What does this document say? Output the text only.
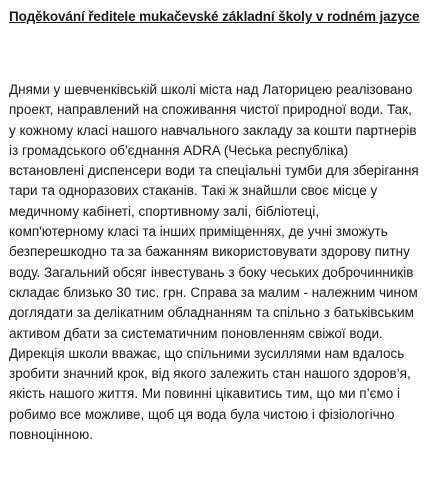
Подěkování ředitele mukačevské základní školy v rodném jazyce

Днями у шевченківській школі міста над Латорицею реалізовано
проект, направлений на споживання чистої природної води. Так,
у кожному класі нашого навчального закладу за кошти партнерів
із громадського об'єднання ADRA (Чеська республіка)
встановлені диспенсери води та спеціальні тумби для зберігання
тари та одноразових стаканів. Такі ж знайшли своє місце у
медичному кабінеті, спортивному залі, бібліотеці,
комп'ютерному класі та інших приміщеннях, де учні зможуть
безперешкодно та за бажанням використовувати здорову питну
воду. Загальний обсяг інвестувань з боку чеських доброчинників
складає близько 30 тис. грн. Справа за малим - належним чином
доглядати за делікатним обладнанням та спільно з батьківським
активом дбати за систематичним поновленням свіжої води.
Дирекція школи вважає, що спільними зусиллями нам вдалось
зробити значний крок, від якого залежить стан нашого здоров’я,
якість нашого життя. Ми повинні цікавитись тим, що ми п’ємо і
робимо все можливе, щоб ця вода була чистою і фізіологічно
повноцінною.
